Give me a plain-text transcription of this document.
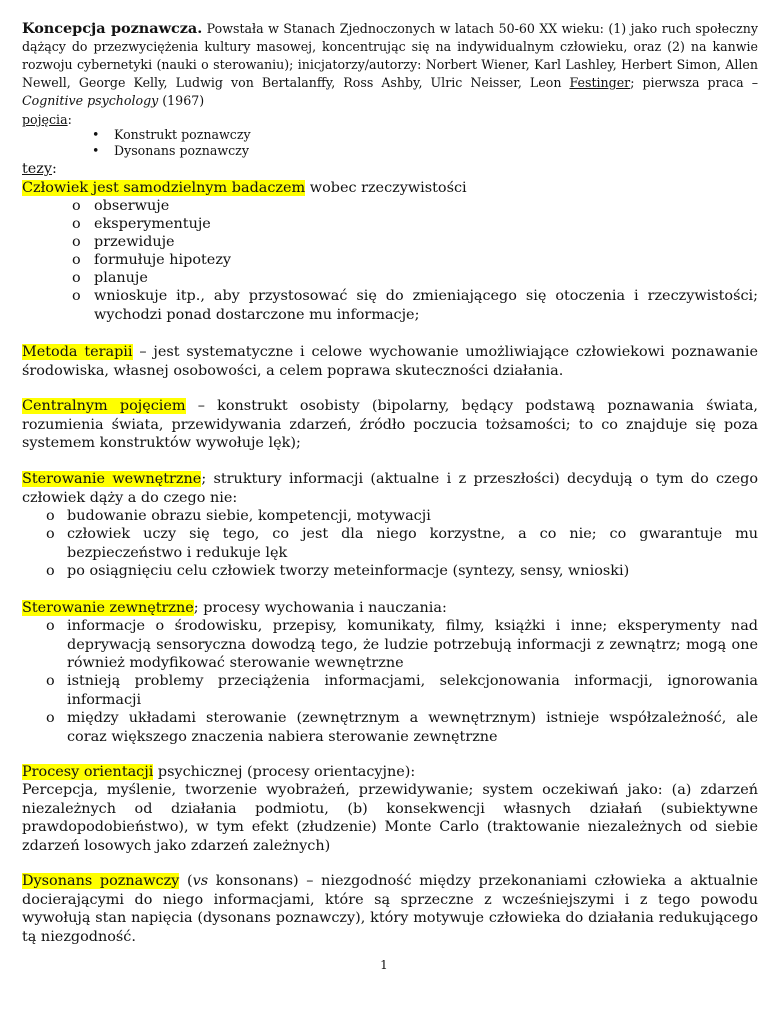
Koncepcja poznawcza. Powstała w Stanach Zjednoczonych w latach 50-60 XX wieku: (1) jako ruch społeczny dążący do przezwyciężenia kultury masowej, koncentrując się na indywidualnym człowieku, oraz (2) na kanwie rozwoju cybernetyki (nauki o sterowaniu); inicjatorzy/autorzy: Norbert Wiener, Karl Lashley, Herbert Simon, Allen Newell, George Kelly, Ludwig von Bertalanffy, Ross Ashby, Ulric Neisser, Leon Festinger; pierwsza praca – Cognitive psychology (1967)
pojęcia:
• Konstrukt poznawczy
• Dysonans poznawczy
tezy:
Człowiek jest samodzielnym badaczem wobec rzeczywistości
o obserwuje
o eksperymentuje
o przewiduje
o formułuje hipotezy
o planuje
o wnioskuje itp., aby przystosować się do zmieniającego się otoczenia i rzeczywistości; wychodzi ponad dostarczone mu informacje;
Metoda terapii – jest systematyczne i celowe wychowanie umożliwiające człowiekowi poznawanie środowiska, własnej osobowości, a celem poprawa skuteczności działania.
Centralnym pojęciem – konstrukt osobisty (bipolarny, będący podstawą poznawania świata, rozumienia świata, przewidywania zdarzeń, źródło poczucia tożsamości; to co znajduje się poza systemem konstruktów wywołuje lęk);
Sterowanie wewnętrzne; struktury informacji (aktualne i z przeszłości) decydują o tym do czego człowiek dąży a do czego nie:
o budowanie obrazu siebie, kompetencji, motywacji
o człowiek uczy się tego, co jest dla niego korzystne, a co nie; co gwarantuje mu bezpieczeństwo i redukuje lęk
o po osiągnięciu celu człowiek tworzy meteinformacje (syntezy, sensy, wnioski)
Sterowanie zewnętrzne; procesy wychowania i nauczania:
o informacje o środowisku, przepisy, komunikaty, filmy, książki i inne; eksperymenty nad deprywacją sensoryczna dowodzą tego, że ludzie potrzebują informacji z zewnątrz; mogą one również modyfikować sterowanie wewnętrzne
o istnieją problemy przeciążenia informacjami, selekcjonowania informacji, ignorowania informacji
o między układami sterowanie (zewnętrznym a wewnętrznym) istnieje współzależność, ale coraz większego znaczenia nabiera sterowanie zewnętrzne
Procesy orientacji psychicznej (procesy orientacyjne):
Percepcja, myślenie, tworzenie wyobrażeń, przewidywanie; system oczekiwań jako: (a) zdarzeń niezależnych od działania podmiotu, (b) konsekwencji własnych działań (subiektywne prawdopodobieństwo), w tym efekt (złudzenie) Monte Carlo (traktowanie niezależnych od siebie zdarzeń losowych jako zdarzeń zależnych)
Dysonans poznawczy (vs konsonans) – niezgodność między przekonaniami człowieka a aktualnie docierającymi do niego informacjami, które są sprzeczne z wcześniejszymi i z tego powodu wywołują stan napięcia (dysonans poznawczy), który motywuje człowieka do działania redukującego tą niezgodność.
1
